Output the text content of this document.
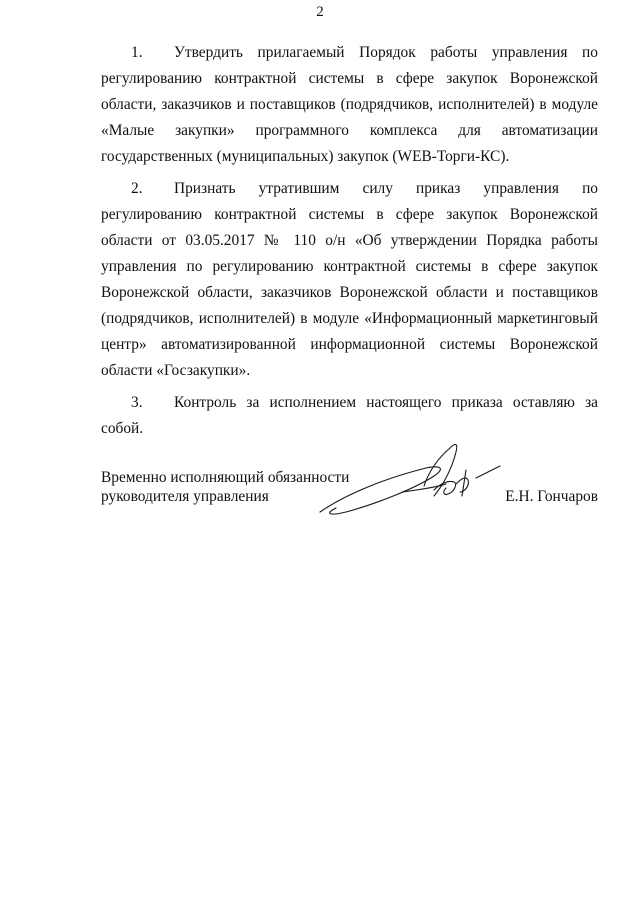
2

1. Утвердить прилагаемый Порядок работы управления по регулированию контрактной системы в сфере закупок Воронежской области, заказчиков и поставщиков (подрядчиков, исполнителей) в модуле «Малые закупки» программного комплекса для автоматизации государственных (муниципальных) закупок (WEB-Торги-КС).

2. Признать утратившим силу приказ управления по регулированию контрактной системы в сфере закупок Воронежской области от 03.05.2017 № 110 о/н «Об утверждении Порядка работы управления по регулированию контрактной системы в сфере закупок Воронежской области, заказчиков Воронежской области и поставщиков (подрядчиков, исполнителей) в модуле «Информационный маркетинговый центр» автоматизированной информационной системы Воронежской области «Госзакупки».

3. Контроль за исполнением настоящего приказа оставляю за собой.

Временно исполняющий обязанности
руководителя управления	Е.Н. Гончаров
